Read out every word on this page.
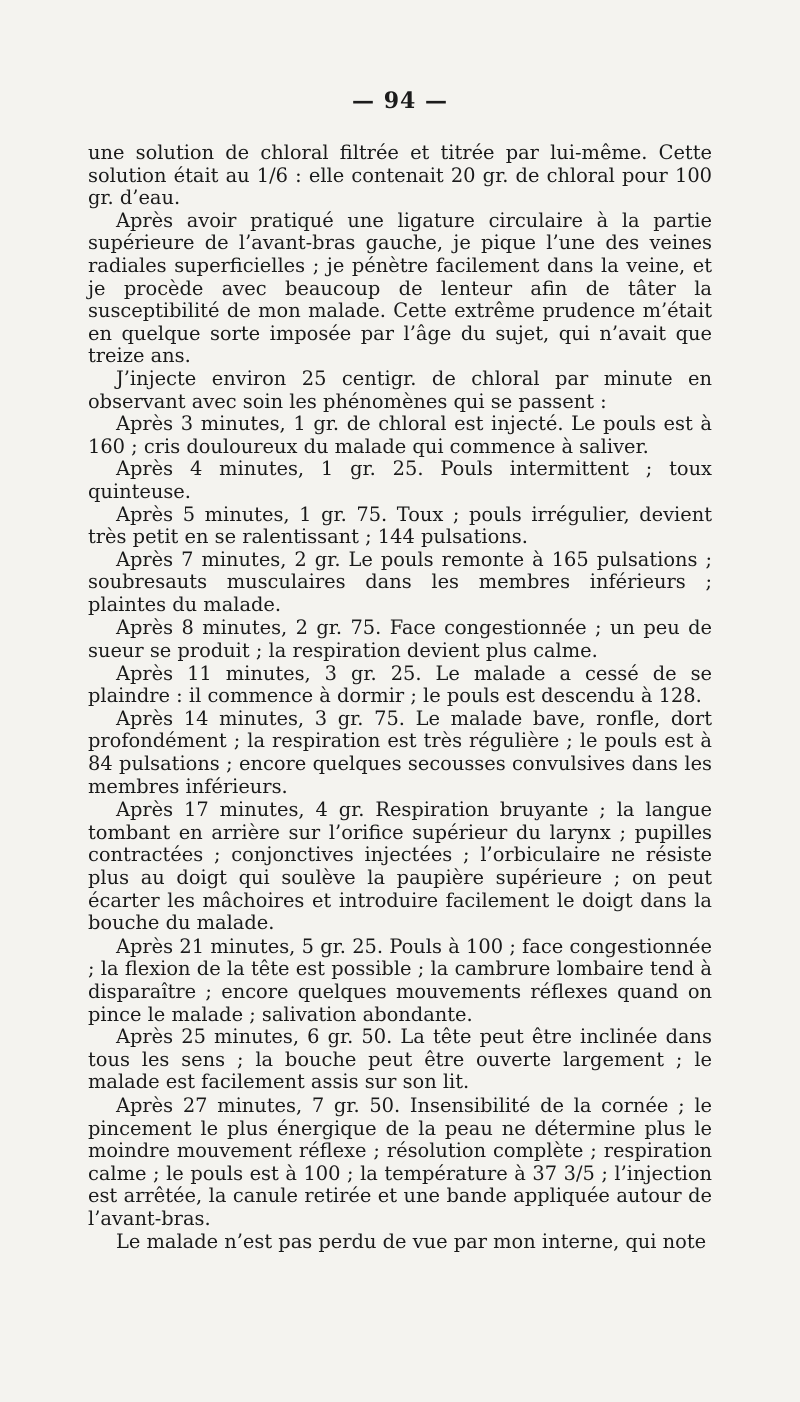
— 94 —

une solution de chloral filtrée et titrée par lui-même. Cette solution était au 1/6 : elle contenait 20 gr. de chloral pour 100 gr. d’eau.

Après avoir pratiqué une ligature circulaire à la partie supérieure de l’avant-bras gauche, je pique l’une des veines radiales superficielles ; je pénètre facilement dans la veine, et je procède avec beaucoup de lenteur afin de tâter la susceptibilité de mon malade. Cette extrême prudence m’était en quelque sorte imposée par l’âge du sujet, qui n’avait que treize ans.

J’injecte environ 25 centigr. de chloral par minute en observant avec soin les phénomènes qui se passent :

Après 3 minutes, 1 gr. de chloral est injecté. Le pouls est à 160 ; cris douloureux du malade qui commence à saliver.

Après 4 minutes, 1 gr. 25. Pouls intermittent ; toux quinteuse.

Après 5 minutes, 1 gr. 75. Toux ; pouls irrégulier, devient très petit en se ralentissant ; 144 pulsations.

Après 7 minutes, 2 gr. Le pouls remonte à 165 pulsations ; soubresauts musculaires dans les membres inférieurs ; plaintes du malade.

Après 8 minutes, 2 gr. 75. Face congestionnée ; un peu de sueur se produit ; la respiration devient plus calme.

Après 11 minutes, 3 gr. 25. Le malade a cessé de se plaindre : il commence à dormir ; le pouls est descendu à 128.

Après 14 minutes, 3 gr. 75. Le malade bave, ronfle, dort profondément ; la respiration est très régulière ; le pouls est à 84 pulsations ; encore quelques secousses convulsives dans les membres inférieurs.

Après 17 minutes, 4 gr. Respiration bruyante ; la langue tombant en arrière sur l’orifice supérieur du larynx ; pupilles contractées ; conjonctives injectées ; l’orbiculaire ne résiste plus au doigt qui soulève la paupière supérieure ; on peut écarter les mâchoires et introduire facilement le doigt dans la bouche du malade.

Après 21 minutes, 5 gr. 25. Pouls à 100 ; face congestionnée ; la flexion de la tête est possible ; la cambrure lombaire tend à disparaître ; encore quelques mouvements réflexes quand on pince le malade ; salivation abondante.

Après 25 minutes, 6 gr. 50. La tête peut être inclinée dans tous les sens ; la bouche peut être ouverte largement ; le malade est facilement assis sur son lit.

Après 27 minutes, 7 gr. 50. Insensibilité de la cornée ; le pincement le plus énergique de la peau ne détermine plus le moindre mouvement réflexe ; résolution complète ; respiration calme ; le pouls est à 100 ; la température à 37 3/5 ; l’injection est arrêtée, la canule retirée et une bande appliquée autour de l’avant-bras.

Le malade n’est pas perdu de vue par mon interne, qui note
